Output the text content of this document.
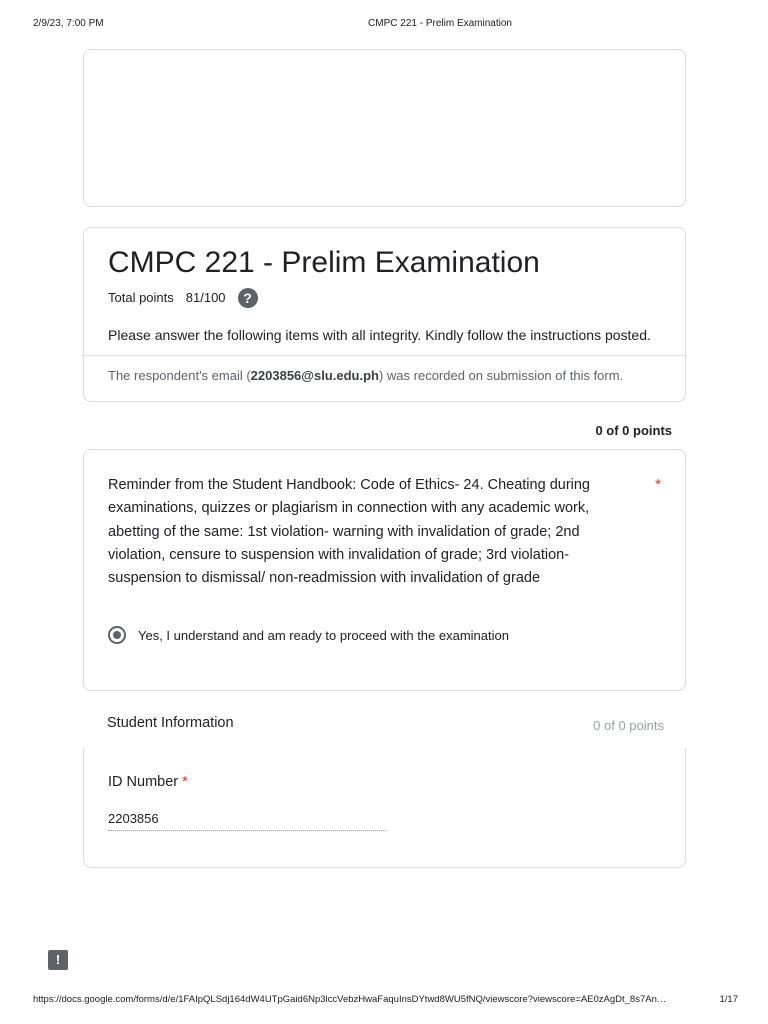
2/9/23, 7:00 PM	CMPC 221 - Prelim Examination
CMPC 221 - Prelim Examination
Total points 81/100	?
Please answer the following items with all integrity. Kindly follow the instructions posted.
The respondent's email (2203856@slu.edu.ph) was recorded on submission of this form.
0 of 0 points
Reminder from the Student Handbook: Code of Ethics- 24. Cheating during examinations, quizzes or plagiarism in connection with any academic work, abetting of the same: 1st violation- warning with invalidation of grade; 2nd violation, censure to suspension with invalidation of grade; 3rd violation- suspension to dismissal/ non-readmission with invalidation of grade
*
Yes, I understand and am ready to proceed with the examination
Student Information	0 of 0 points
ID Number *
2203856
!
https://docs.google.com/forms/d/e/1FAIpQLSdj164dW4UTpGaid6Np3lccVebzHwaFaquInsDYtwd8WU5fNQ/viewscore?viewscore=AE0zAgDt_8s7An…	1/17
